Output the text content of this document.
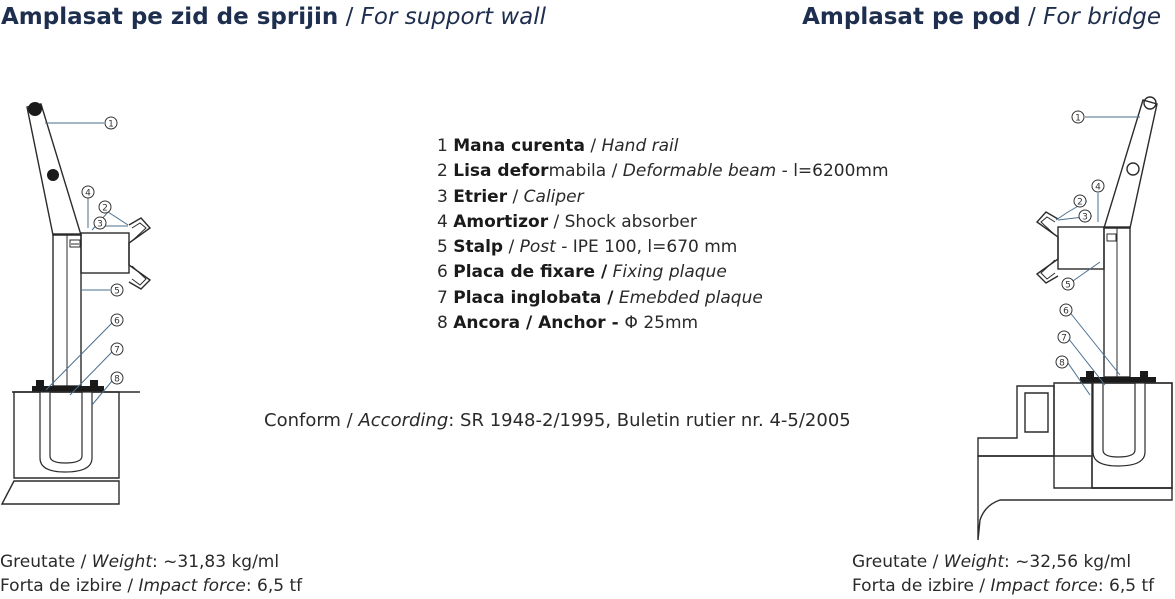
1
4
2
3
5
6
7
8
1
4
2
3
5
6
7
8
Amplasat pe zid de sprijin / For support wall	Amplasat pe pod / For bridge
1 Mana curenta / Hand rail
2 Lisa deformabila / Deformable beam - l=6200mm
3 Etrier / Caliper
4 Amortizor / Shock absorber
5 Stalp / Post - IPE 100, l=670 mm
6 Placa de fixare / Fixing plaque
7 Placa inglobata / Emebded plaque
8 Ancora / Anchor - Φ 25mm
Conform / According: SR 1948-2/1995, Buletin rutier nr. 4-5/2005
Greutate / Weight: ~31,83 kg/ml
Forta de izbire / Impact force: 6,5 tf
Greutate / Weight: ~32,56 kg/ml
Forta de izbire / Impact force: 6,5 tf
